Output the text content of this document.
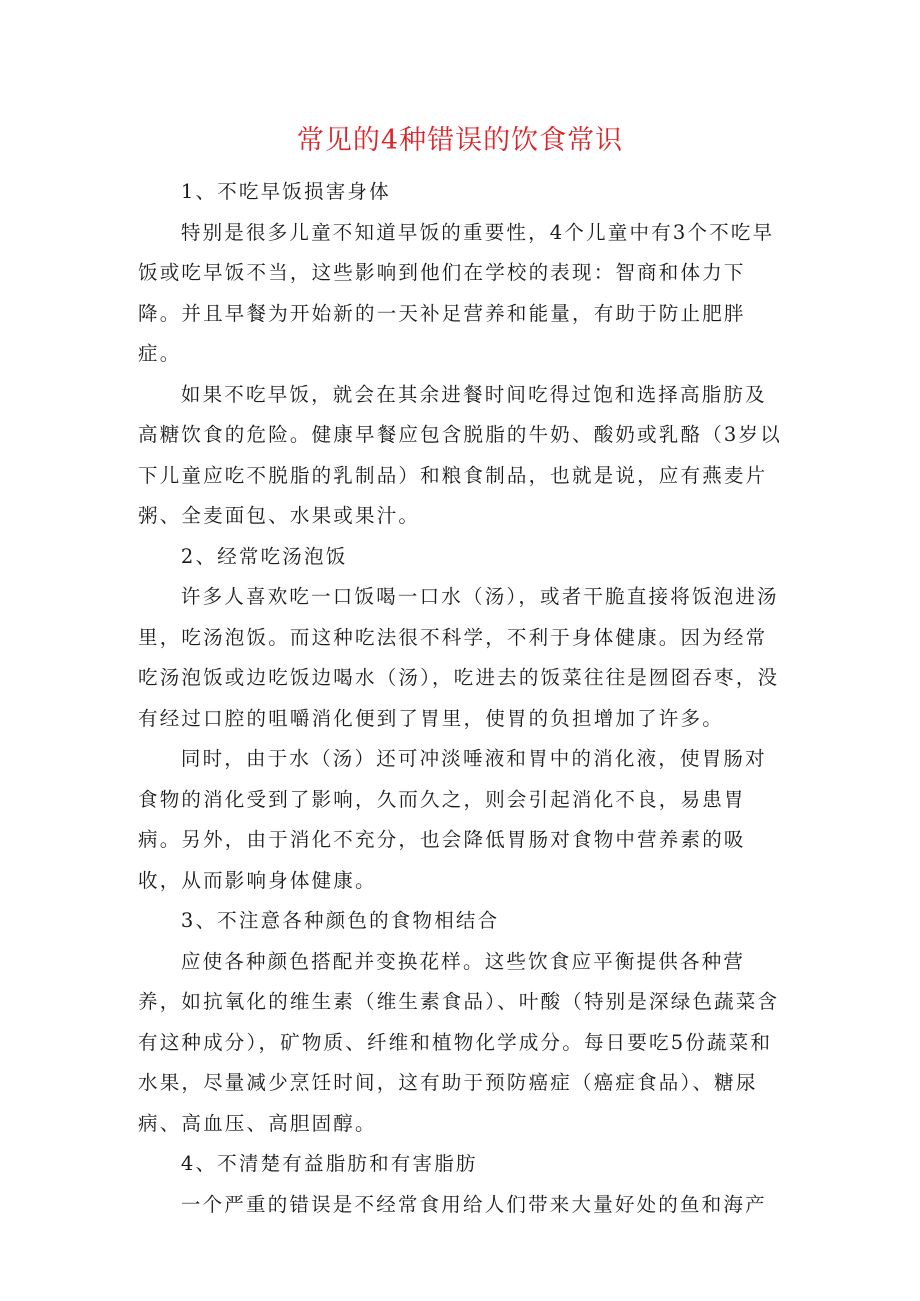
常见的4种错误的饮食常识

1、不吃早饭损害身体

特别是很多儿童不知道早饭的重要性，4个儿童中有3个不吃早饭或吃早饭不当，这些影响到他们在学校的表现：智商和体力下降。并且早餐为开始新的一天补足营养和能量，有助于防止肥胖症。

如果不吃早饭，就会在其余进餐时间吃得过饱和选择高脂肪及高糖饮食的危险。健康早餐应包含脱脂的牛奶、酸奶或乳酪（3岁以下儿童应吃不脱脂的乳制品）和粮食制品，也就是说，应有燕麦片粥、全麦面包、水果或果汁。

2、经常吃汤泡饭

许多人喜欢吃一口饭喝一口水（汤），或者干脆直接将饭泡进汤里，吃汤泡饭。而这种吃法很不科学，不利于身体健康。因为经常吃汤泡饭或边吃饭边喝水（汤），吃进去的饭菜往往是囫囵吞枣，没有经过口腔的咀嚼消化便到了胃里，使胃的负担增加了许多。

同时，由于水（汤）还可冲淡唾液和胃中的消化液，使胃肠对食物的消化受到了影响，久而久之，则会引起消化不良，易患胃病。另外，由于消化不充分，也会降低胃肠对食物中营养素的吸收，从而影响身体健康。

3、不注意各种颜色的食物相结合

应使各种颜色搭配并变换花样。这些饮食应平衡提供各种营养，如抗氧化的维生素（维生素食品）、叶酸（特别是深绿色蔬菜含有这种成分），矿物质、纤维和植物化学成分。每日要吃5份蔬菜和水果，尽量减少烹饪时间，这有助于预防癌症（癌症食品）、糖尿病、高血压、高胆固醇。

4、不清楚有益脂肪和有害脂肪

一个严重的错误是不经常食用给人们带来大量好处的鱼和海产
